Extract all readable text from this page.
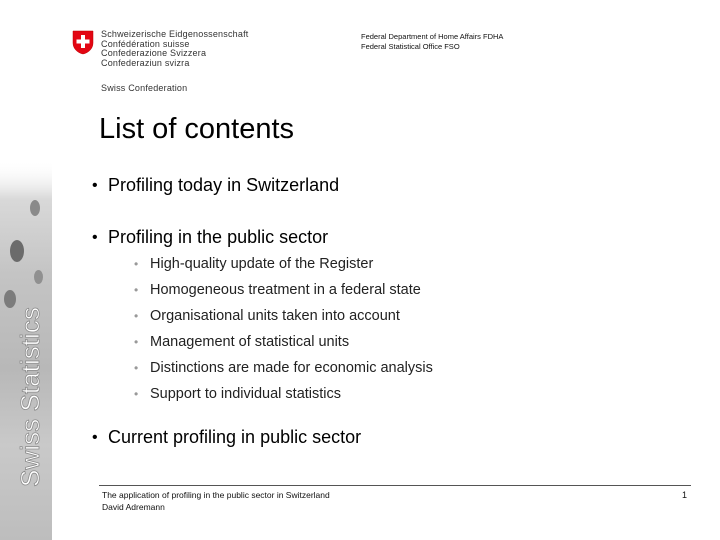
Swiss Statistics
Schweizerische Eidgenossenschaft
Confédération suisse
Confederazione Svizzera
Confederaziun svizra
Swiss Confederation
Federal Department of Home Affairs FDHA
Federal Statistical Office FSO
List of contents
• Profiling today in Switzerland
• Profiling in the public sector
• High-quality update of the Register
• Homogeneous treatment in a federal state
• Organisational units taken into account
• Management of statistical units
• Distinctions are made for economic analysis
• Support to individual statistics
• Current profiling in public sector
The application of profiling in the public sector in Switzerland
David Adremann
1
